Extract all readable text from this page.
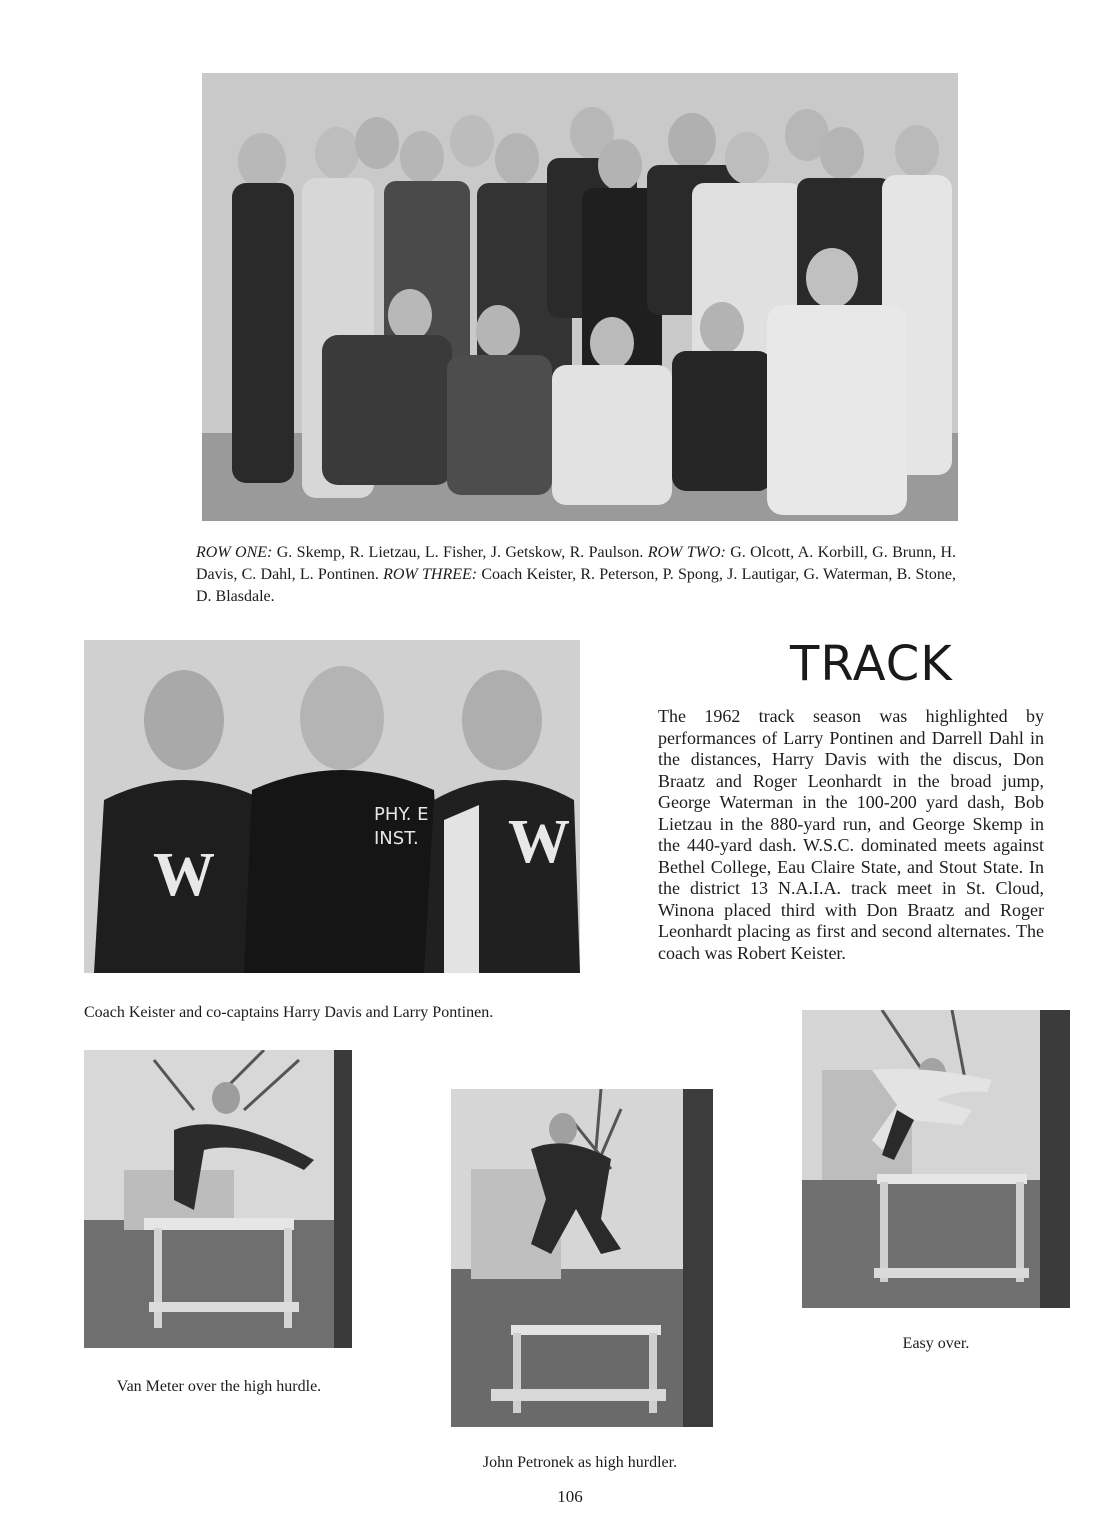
ROW ONE: G. Skemp, R. Lietzau, L. Fisher, J. Getskow, R. Paulson. ROW TWO: G. Olcott, A. Korbill, G. Brunn, H. Davis, C. Dahl, L. Pontinen. ROW THREE: Coach Keister, R. Peterson, P. Spong, J. Lautigar, G. Waterman, B. Stone, D. Blasdale.
W	W
PHY. E
INST.
Coach Keister and co-captains Harry Davis and Larry Pontinen.
TRACK
The 1962 track season was highlighted by performances of Larry Pontinen and Darrell Dahl in the distances, Harry Davis with the discus, Don Braatz and Roger Leonhardt in the broad jump, George Waterman in the 100-200 yard dash, Bob Lietzau in the 880-yard run, and George Skemp in the 440-yard dash. W.S.C. dominated meets against Bethel College, Eau Claire State, and Stout State. In the district 13 N.A.I.A. track meet in St. Cloud, Winona placed third with Don Braatz and Roger Leonhardt placing as first and second alternates. The coach was Robert Keister.
Van Meter over the high hurdle.
John Petronek as high hurdler.
Easy over.
106
